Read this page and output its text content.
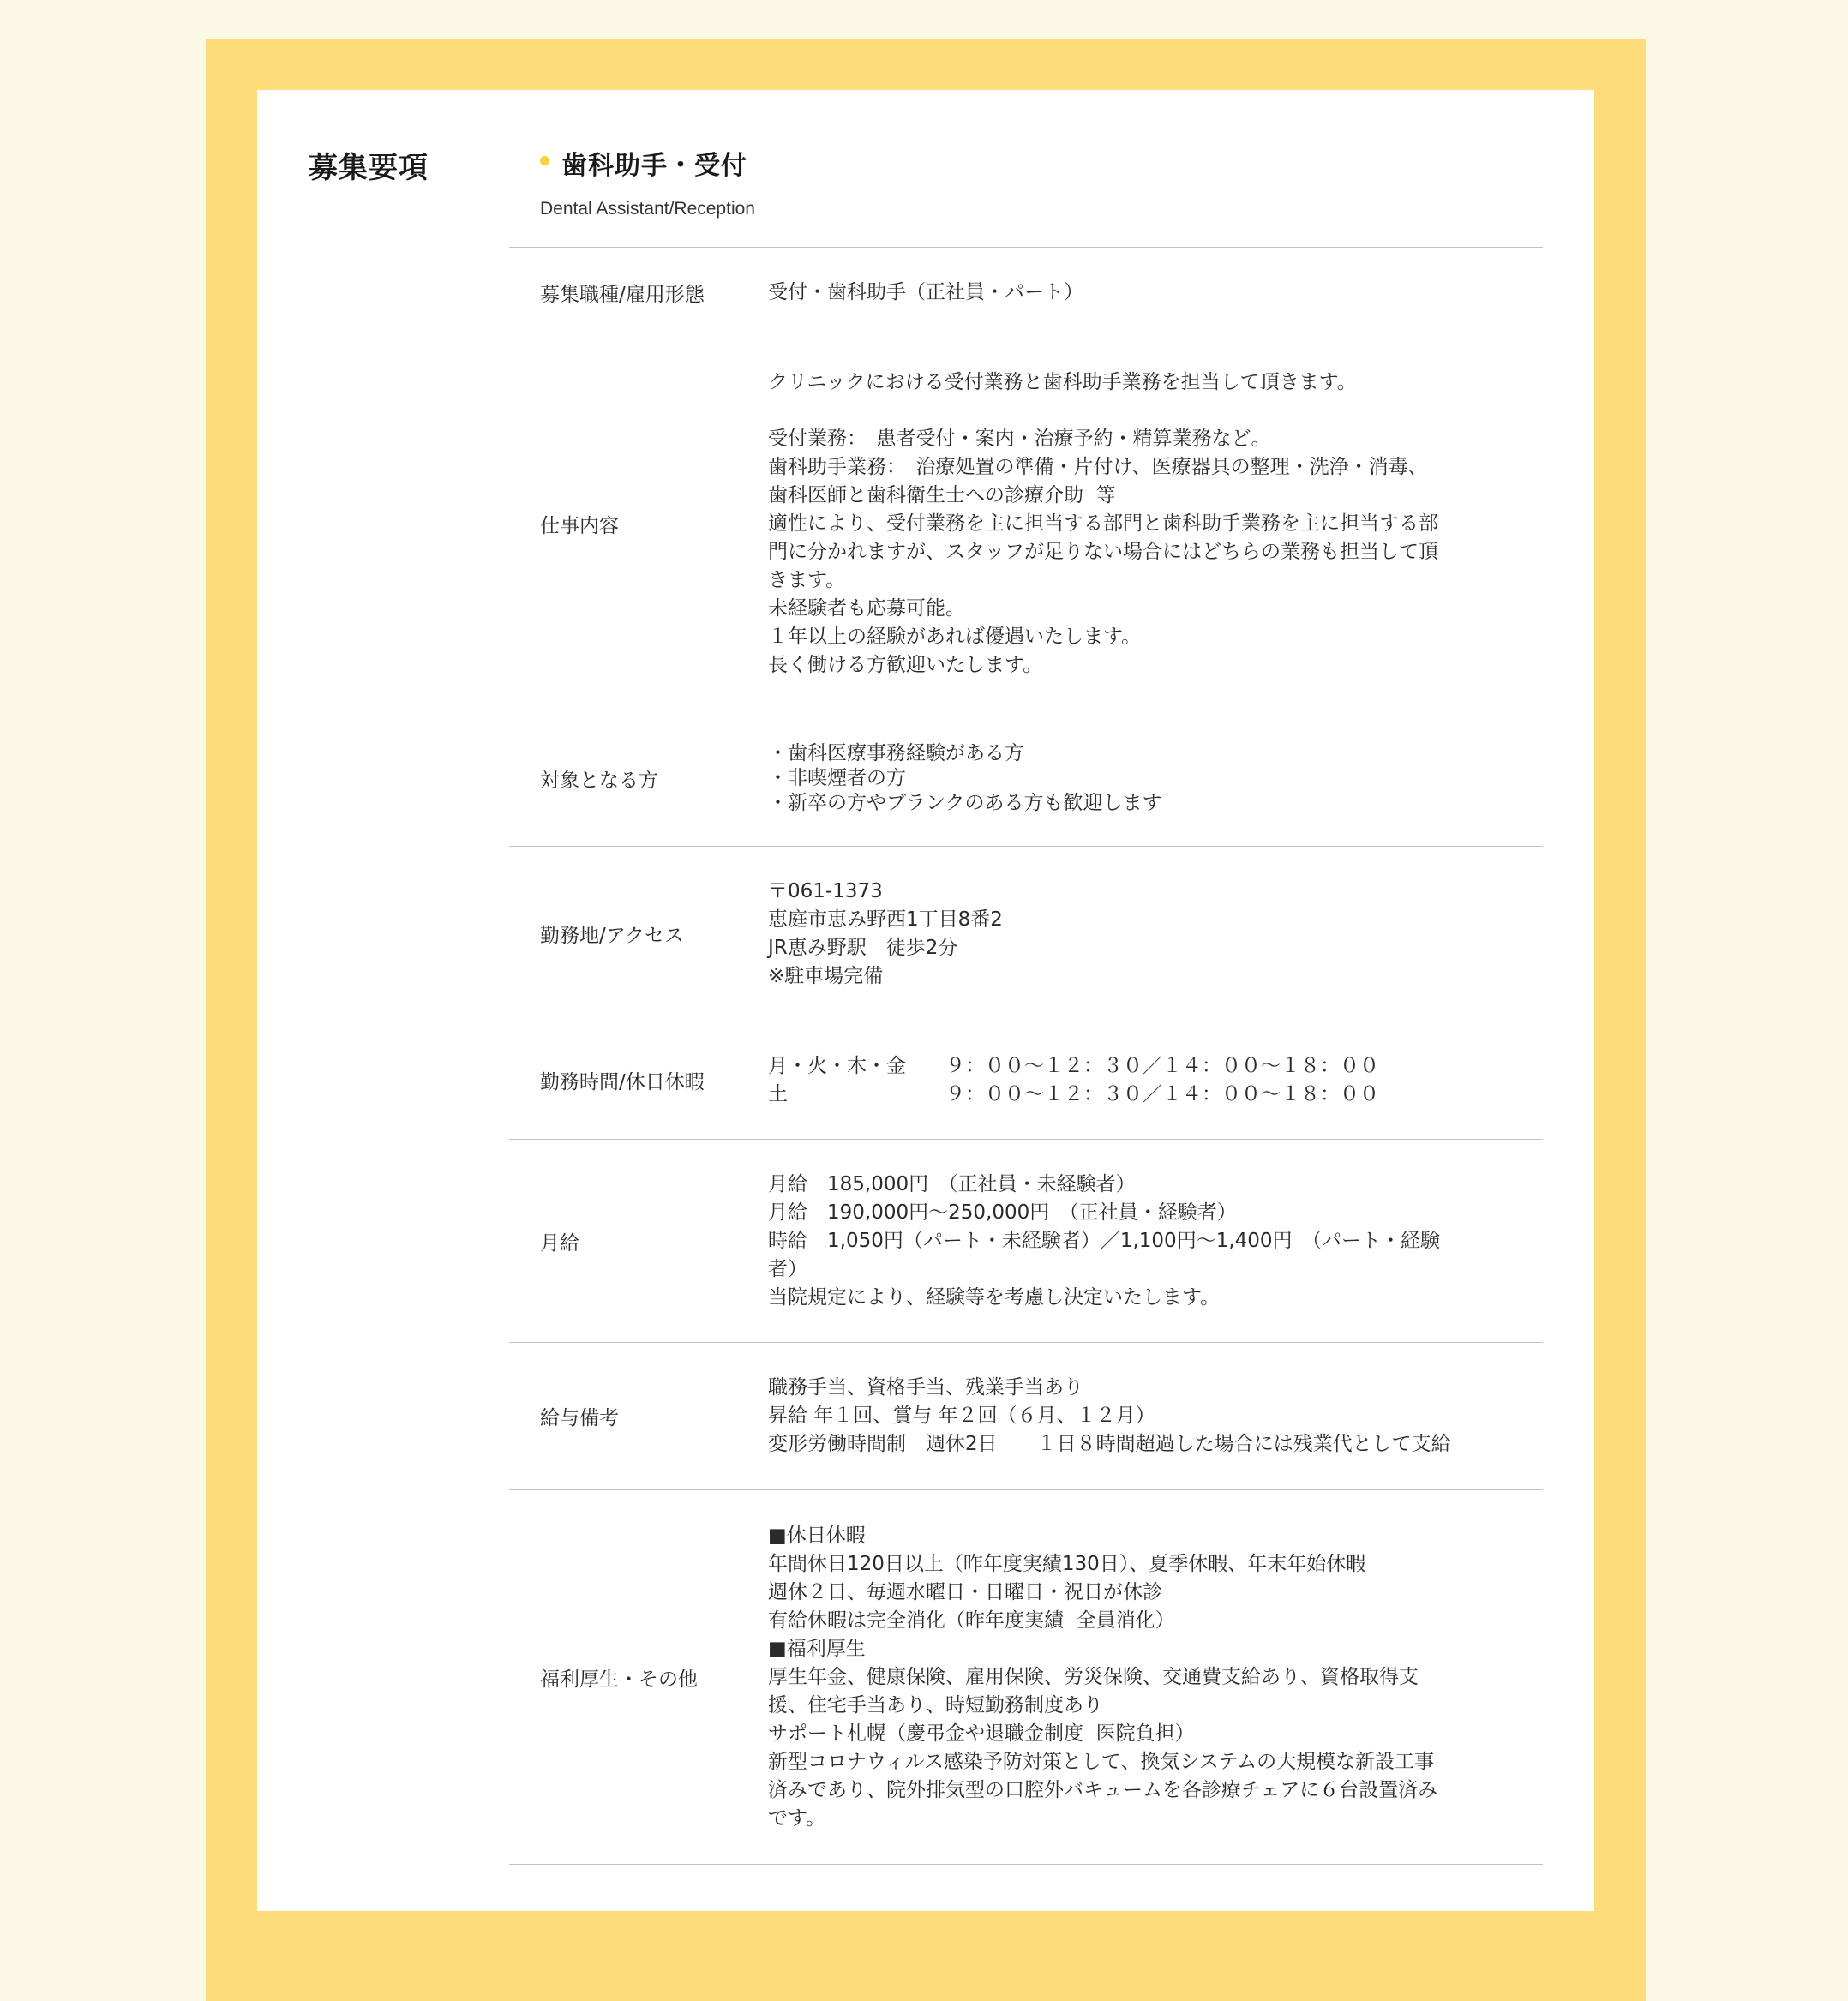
募集要項	歯科助手・受付
Dental Assistant/Reception
募集職種/雇用形態	受付・歯科助手（正社員・パート）
仕事内容
クリニックにおける受付業務と歯科助手業務を担当して頂きます。

受付業務：　患者受付・案内・治療予約・精算業務など。
歯科助手業務：　治療処置の準備・片付け、医療器具の整理・洗浄・消毒、
歯科医師と歯科衛生士への診療介助  等
適性により、受付業務を主に担当する部門と歯科助手業務を主に担当する部
門に分かれますが、スタッフが足りない場合にはどちらの業務も担当して頂
きます。
未経験者も応募可能。
１年以上の経験があれば優遇いたします。
長く働ける方歓迎いたします。
対象となる方
・歯科医療事務経験がある方
・非喫煙者の方
・新卒の方やブランクのある方も歓迎します
勤務地/アクセス
〒061-1373
恵庭市恵み野西1丁目8番2
JR恵み野駅　徒歩2分
※駐車場完備
勤務時間/休日休暇
月・火・木・金　　９：００〜１２：３０／１４：００〜１８：００
土　　　　　　　　９：００〜１２：３０／１４：００〜１８：００
月給
月給　185,000円　（正社員・未経験者）
月給　190,000円〜250,000円　（正社員・経験者）
時給　1,050円（パート・未経験者）／1,100円〜1,400円　（パート・経験
者）
当院規定により、経験等を考慮し決定いたします。
給与備考
職務手当、資格手当、残業手当あり
昇給 年１回、賞与 年２回（６月、１２月）
変形労働時間制　週休2日　　１日８時間超過した場合には残業代として支給
福利厚生・その他
■休日休暇
年間休日120日以上（昨年度実績130日）、夏季休暇、年末年始休暇
週休２日、毎週水曜日・日曜日・祝日が休診
有給休暇は完全消化（昨年度実績  全員消化）
■福利厚生
厚生年金、健康保険、雇用保険、労災保険、交通費支給あり、資格取得支
援、住宅手当あり、時短勤務制度あり
サポート札幌（慶弔金や退職金制度  医院負担）
新型コロナウィルス感染予防対策として、換気システムの大規模な新設工事
済みであり、院外排気型の口腔外バキュームを各診療チェアに６台設置済み
です。
